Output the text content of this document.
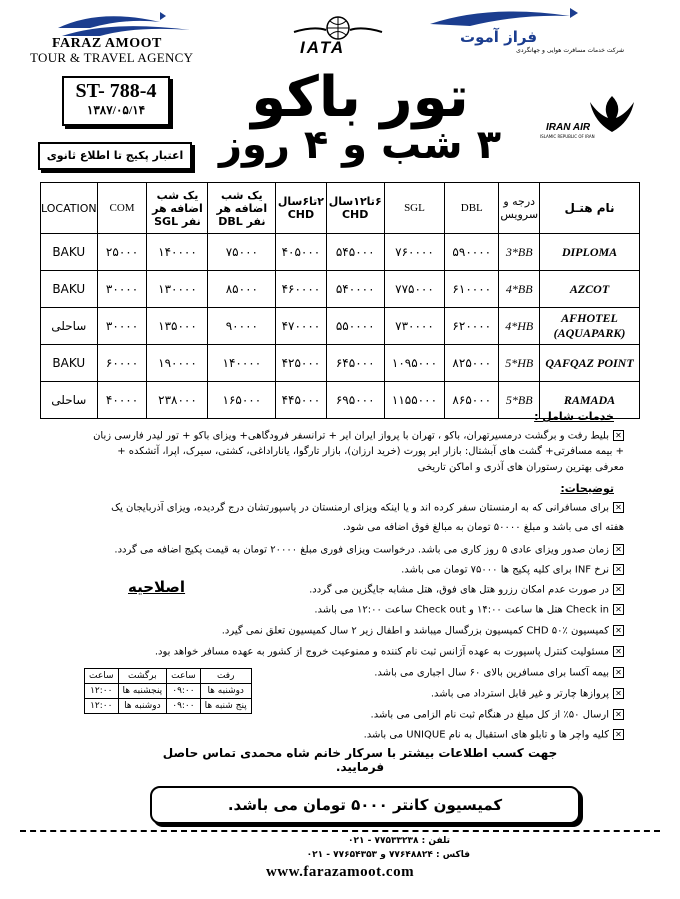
FARAZ AMOOT
TOUR & TRAVEL AGENCY
IATA
فراز آموت
شرکت خدمات مسافرت هوایی و جهانگردی
ST- 788-4
۱۳۸۷/۰۵/۱۴	تور باکو
۳ شب و ۴ روز
اعتبار پکیج تا اطلاع ثانوی
IRAN AIR
ISLAMIC REPUBLIC OF IRAN
LOCATION	COM	یک شب اضافه هر نفر SGL	یک شب اضافه هر نفر DBL	۲تا۶سال CHD	۶تا۱۲سال CHD	SGL	DBL	درجه و سرویس	نام هتـل
BAKU	۲۵۰۰۰	۱۴۰۰۰۰	۷۵۰۰۰	۴۰۵۰۰۰	۵۴۵۰۰۰	۷۶۰۰۰۰	۵۹۰۰۰۰	3*BB	DIPLOMA
BAKU	۳۰۰۰۰	۱۳۰۰۰۰	۸۵۰۰۰	۴۶۰۰۰۰	۵۴۰۰۰۰	۷۷۵۰۰۰	۶۱۰۰۰۰	4*BB	AZCOT
ساحلی	۳۰۰۰۰	۱۳۵۰۰۰	۹۰۰۰۰	۴۷۰۰۰۰	۵۵۰۰۰۰	۷۳۰۰۰۰	۶۲۰۰۰۰	4*HB	AFHOTEL (AQUAPARK)
BAKU	۶۰۰۰۰	۱۹۰۰۰۰	۱۴۰۰۰۰	۴۲۵۰۰۰	۶۴۵۰۰۰	۱۰۹۵۰۰۰	۸۲۵۰۰۰	5*HB	QAFQAZ POINT
ساحلی	۴۰۰۰۰	۲۳۸۰۰۰	۱۶۵۰۰۰	۴۴۵۰۰۰	۶۹۵۰۰۰	۱۱۵۵۰۰۰	۸۶۵۰۰۰	5*BB	RAMADA
خدمات شامل :
✕بلیط رفت و برگشت درمسیرتهران، باکو ، تهران با پرواز ایران ایر + ترانسفر فرودگاهی+ ویزای باکو + تور لیدر فارسی زبان
+ بیمه مسافرتی+ گشت های آبشتال: بازار ایر پورت (خرید ارزان)، بازار تارگوا، یاناراداغی، کشتی، سیرک، اپرا، آتشکده +
معرفی بهترین رستوران های آذری و اماکن تاریخی
توضیحات:
✕برای مسافرانی که به ارمنستان سفر کرده اند و یا اینکه ویزای ارمنستان در پاسپورتشان درج گردیده، ویزای آذربایجان یک
هفته ای می باشد و مبلغ ۵۰۰۰۰ تومان به مبالغ فوق اضافه می شود.
✕زمان صدور ویزای عادی ۵ روز کاری می باشد. درخواست ویزای فوری مبلغ ۲۰۰۰۰ تومان به قیمت پکیج اضافه می گردد.
✕نرخ INF برای کلیه پکیج ها ۷۵۰۰۰ تومان می باشد.
✕در صورت عدم امکان رزرو هتل های فوق، هتل مشابه جایگزین می گردد.
اصلاحیه
✕Check in هتل ها ساعت ۱۴:۰۰ و Check out ساعت ۱۲:۰۰ می باشد.
✕کمیسیون CHD ۵۰٪ کمیسیون بزرگسال میباشد و اطفال زیر ۲ سال کمیسیون تعلق نمی گیرد.
✕مسئولیت کنترل پاسپورت به عهده آژانس ثبت نام کننده و ممنوعیت خروج از کشور به عهده مسافر خواهد بود.
✕بیمه آکسا برای مسافرین بالای ۶۰ سال اجباری می باشد.
✕پروازها چارتر و غیر قابل استرداد می باشد.
✕ارسال ۵۰٪ از کل مبلغ در هنگام ثبت نام الزامی می باشد.
✕کلیه واچر ها و تابلو های استقبال به نام UNIQUE می باشد.
ساعت	برگشت	ساعت	رفت
۱۲:۰۰	پنجشنبه ها	۰۹:۰۰	دوشنبه ها
۱۲:۰۰	دوشنبه ها	۰۹:۰۰	پنج شنبه ها
جهت کسب اطلاعات بیشتر با سرکار خانم شاه محمدی تماس حاصل فرمایید.
کمیسیون کانتر ۵۰۰۰ تومان می باشد.
تلفن : ۷۷۵۳۳۲۳۸ - ۰۲۱
فاکس : ۷۷۶۴۸۸۲۴ و ۷۷۶۵۴۳۵۳ - ۰۲۱
www.farazamoot.com
